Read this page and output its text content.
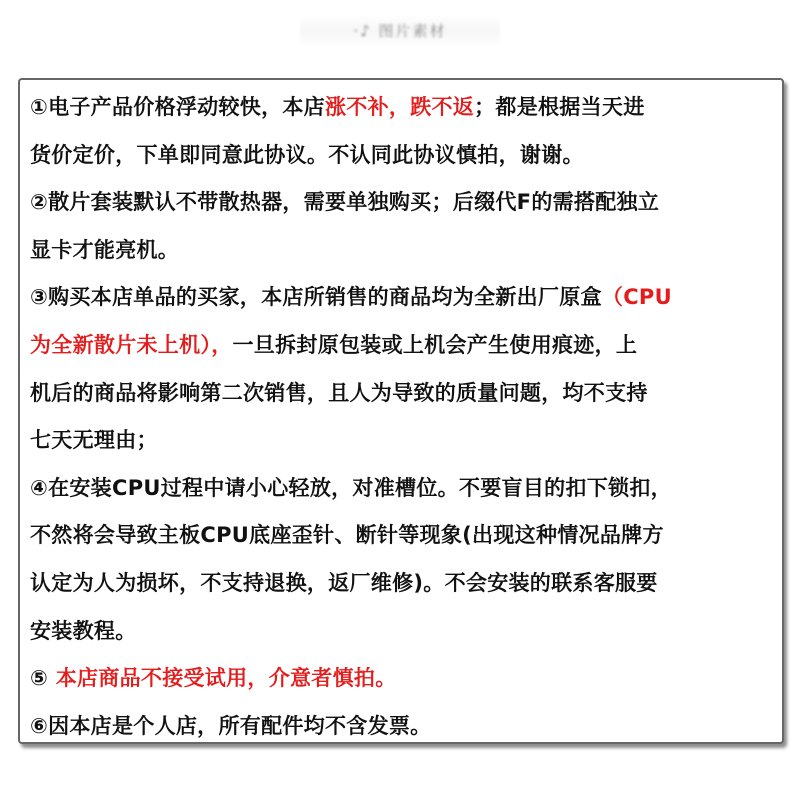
·♪ 图片素材
①电子产品价格浮动较快，本店涨不补，跌不返；都是根据当天进
货价定价，下单即同意此协议。不认同此协议慎拍，谢谢。
②散片套装默认不带散热器，需要单独购买；后缀代F的需搭配独立
显卡才能亮机。
③购买本店单品的买家，本店所销售的商品均为全新出厂原盒（CPU
为全新散片未上机），一旦拆封原包装或上机会产生使用痕迹，上
机后的商品将影响第二次销售，且人为导致的质量问题，均不支持
七天无理由；
④在安装CPU过程中请小心轻放，对准槽位。不要盲目的扣下锁扣，
不然将会导致主板CPU底座歪针、断针等现象(出现这种情况品牌方
认定为人为损坏，不支持退换，返厂维修)。不会安装的联系客服要
安装教程。
⑤ 本店商品不接受试用，介意者慎拍。
⑥因本店是个人店，所有配件均不含发票。
